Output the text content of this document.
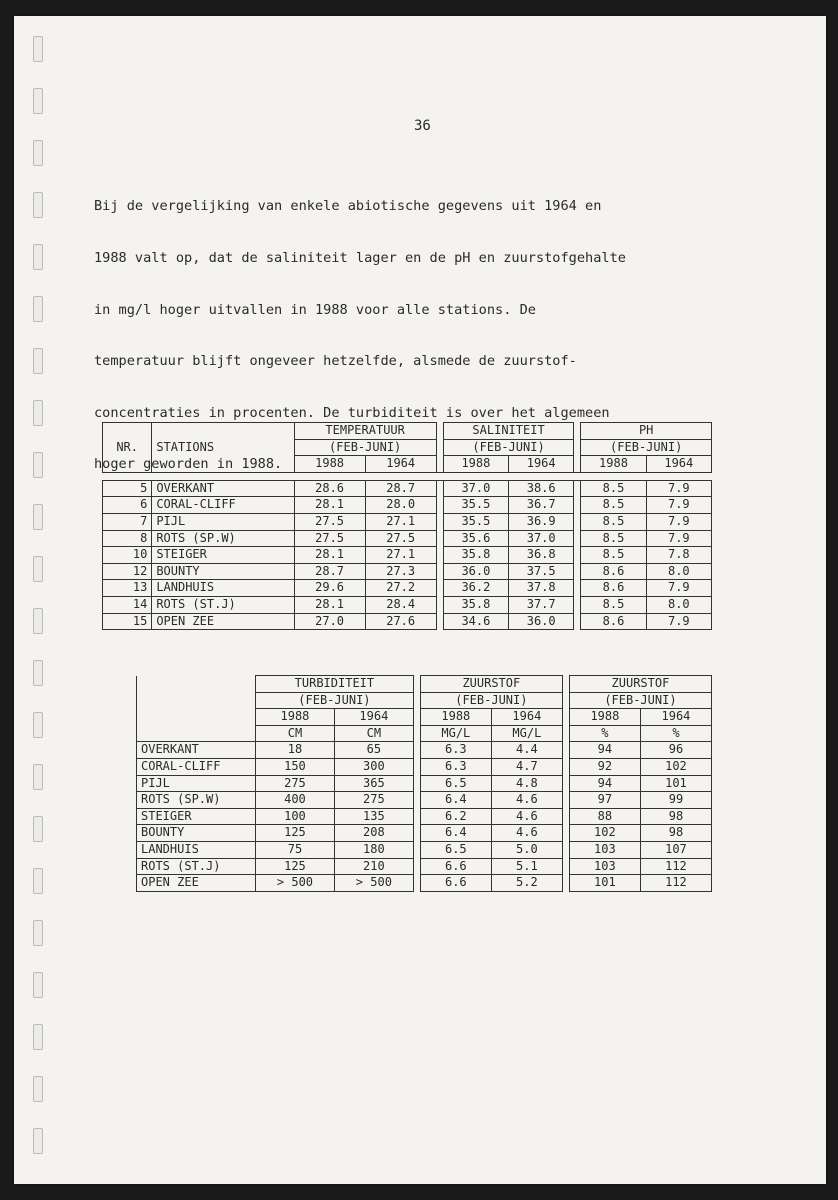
36

Bij de vergelijking van enkele abiotische gegevens uit 1964 en

1988 valt op, dat de saliniteit lager en de pH en zuurstofgehalte

in mg/l hoger uitvallen in 1988 voor alle stations. De

temperatuur blijft ongeveer hetzelfde, alsmede de zuurstof-

concentraties in procenten. De turbiditeit is over het algemeen

hoger geworden in 1988.

NR.	STATIONS	TEMPERATUUR			SALINITEIT			PH	
		(FEB-JUNI)			(FEB-JUNI)			(FEB-JUNI)	
		1988	1964		1988	1964		1988	1964

5	OVERKANT	28.6	28.7		37.0	38.6		8.5	7.9
6	CORAL-CLIFF	28.1	28.0		35.5	36.7		8.5	7.9
7	PIJL	27.5	27.1		35.5	36.9		8.5	7.9
8	ROTS (SP.W)	27.5	27.5		35.6	37.0		8.5	7.9
10	STEIGER	28.1	27.1		35.8	36.8		8.5	7.8
12	BOUNTY	28.7	27.3		36.0	37.5		8.6	8.0
13	LANDHUIS	29.6	27.2		36.2	37.8		8.6	7.9
14	ROTS (ST.J)	28.1	28.4		35.8	37.7		8.5	8.0
15	OPEN ZEE	27.0	27.6		34.6	36.0		8.6	7.9
		TURBIDITEIT			ZUURSTOF			ZUURSTOF	
		(FEB-JUNI)			(FEB-JUNI)			(FEB-JUNI)	
		1988	1964		1988	1964		1988	1964
		CM	CM		MG/L	MG/L		%	%
	OVERKANT	18	65		6.3	4.4		94	96
	CORAL-CLIFF	150	300		6.3	4.7		92	102
	PIJL	275	365		6.5	4.8		94	101
	ROTS (SP.W)	400	275		6.4	4.6		97	99
	STEIGER	100	135		6.2	4.6		88	98
	BOUNTY	125	208		6.4	4.6		102	98
	LANDHUIS	75	180		6.5	5.0		103	107
	ROTS (ST.J)	125	210		6.6	5.1		103	112
	OPEN ZEE	> 500	> 500		6.6	5.2		101	112
